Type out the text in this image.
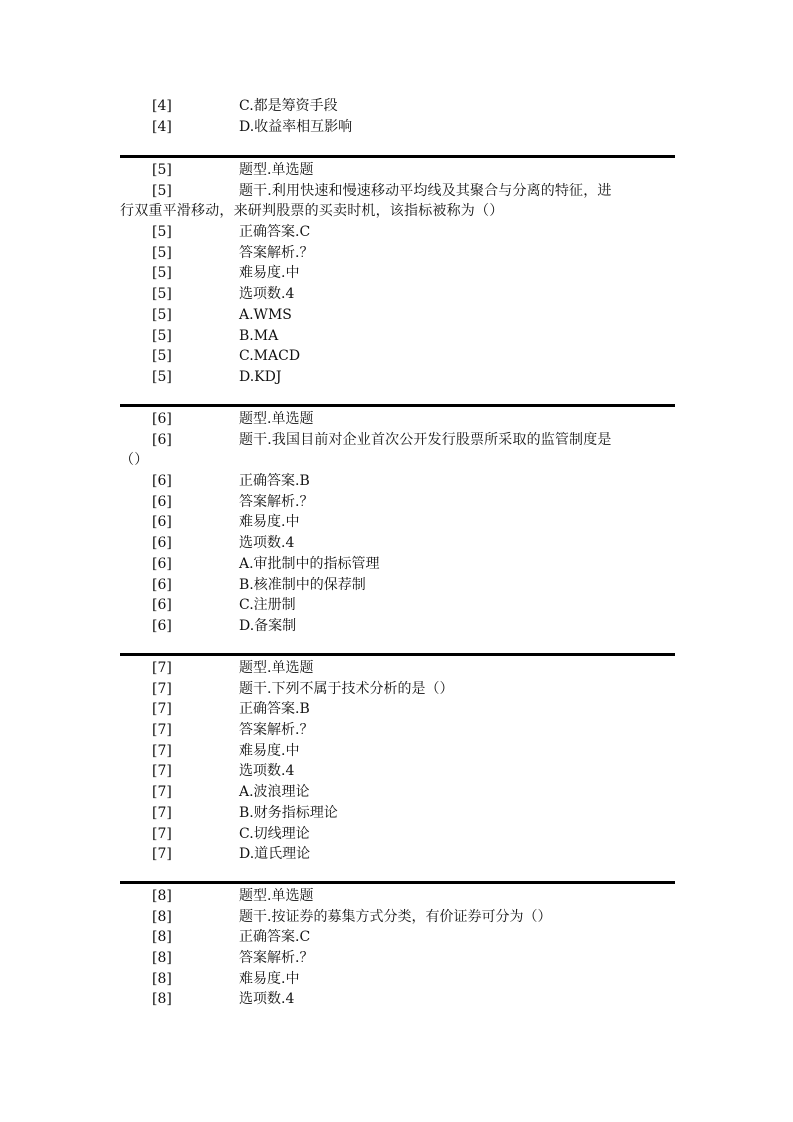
[4]	C.都是筹资手段
[4]	D.收益率相互影响
[5]	题型.单选题
[5]	题干.利用快速和慢速移动平均线及其聚合与分离的特征，进
行双重平滑移动，来研判股票的买卖时机，该指标被称为（）
[5]	正确答案.C
[5]	答案解析.？
[5]	难易度.中
[5]	选项数.4
[5]	A.WMS
[5]	B.MA
[5]	C.MACD
[5]	D.KDJ
[6]	题型.单选题
[6]	题干.我国目前对企业首次公开发行股票所采取的监管制度是
（）
[6]	正确答案.B
[6]	答案解析.？
[6]	难易度.中
[6]	选项数.4
[6]	A.审批制中的指标管理
[6]	B.核准制中的保荐制
[6]	C.注册制
[6]	D.备案制
[7]	题型.单选题
[7]	题干.下列不属于技术分析的是（）
[7]	正确答案.B
[7]	答案解析.？
[7]	难易度.中
[7]	选项数.4
[7]	A.波浪理论
[7]	B.财务指标理论
[7]	C.切线理论
[7]	D.道氏理论
[8]	题型.单选题
[8]	题干.按证券的募集方式分类，有价证券可分为（）
[8]	正确答案.C
[8]	答案解析.？
[8]	难易度.中
[8]	选项数.4
